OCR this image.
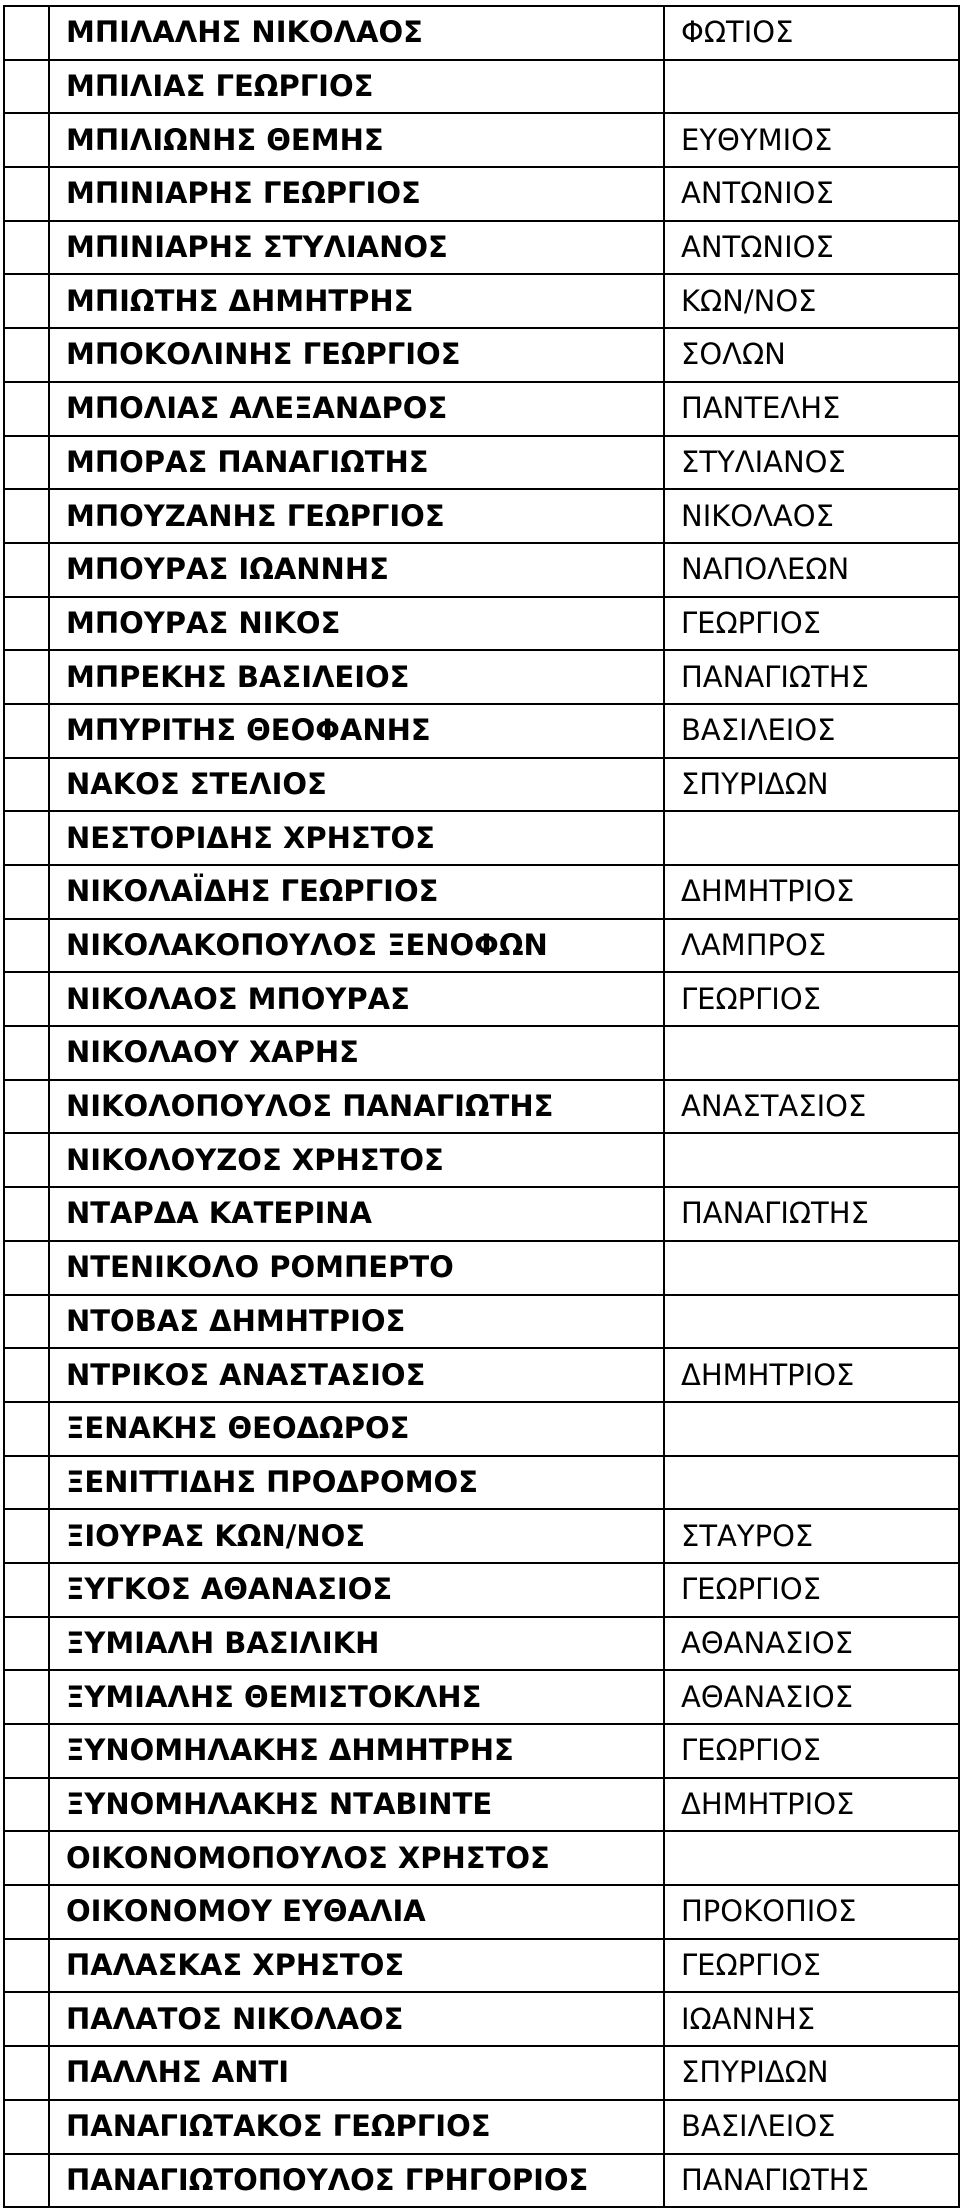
	ΜΠΙΛΑΛΗΣ ΝΙΚΟΛΑΟΣ	ΦΩΤΙΟΣ
	ΜΠΙΛΙΑΣ ΓΕΩΡΓΙΟΣ	
	ΜΠΙΛΙΩΝΗΣ ΘΕΜΗΣ	ΕΥΘΥΜΙΟΣ
	ΜΠΙΝΙΑΡΗΣ ΓΕΩΡΓΙΟΣ	ΑΝΤΩΝΙΟΣ
	ΜΠΙΝΙΑΡΗΣ ΣΤΥΛΙΑΝΟΣ	ΑΝΤΩΝΙΟΣ
	ΜΠΙΩΤΗΣ ΔΗΜΗΤΡΗΣ	ΚΩΝ/ΝΟΣ
	ΜΠΟΚΟΛΙΝΗΣ ΓΕΩΡΓΙΟΣ	ΣΟΛΩΝ
	ΜΠΟΛΙΑΣ ΑΛΕΞΑΝΔΡΟΣ	ΠΑΝΤΕΛΗΣ
	ΜΠΟΡΑΣ ΠΑΝΑΓΙΩΤΗΣ	ΣΤΥΛΙΑΝΟΣ
	ΜΠΟΥΖΑΝΗΣ ΓΕΩΡΓΙΟΣ	ΝΙΚΟΛΑΟΣ
	ΜΠΟΥΡΑΣ ΙΩΑΝΝΗΣ	ΝΑΠΟΛΕΩΝ
	ΜΠΟΥΡΑΣ ΝΙΚΟΣ	ΓΕΩΡΓΙΟΣ
	ΜΠΡΕΚΗΣ ΒΑΣΙΛΕΙΟΣ	ΠΑΝΑΓΙΩΤΗΣ
	ΜΠΥΡΙΤΗΣ ΘΕΟΦΑΝΗΣ	ΒΑΣΙΛΕΙΟΣ
	ΝΑΚΟΣ ΣΤΕΛΙΟΣ	ΣΠΥΡΙΔΩΝ
	ΝΕΣΤΟΡΙΔΗΣ ΧΡΗΣΤΟΣ	
	ΝΙΚΟΛΑΪΔΗΣ ΓΕΩΡΓΙΟΣ	ΔΗΜΗΤΡΙΟΣ
	ΝΙΚΟΛΑΚΟΠΟΥΛΟΣ ΞΕΝΟΦΩΝ	ΛΑΜΠΡΟΣ
	ΝΙΚΟΛΑΟΣ ΜΠΟΥΡΑΣ	ΓΕΩΡΓΙΟΣ
	ΝΙΚΟΛΑΟΥ ΧΑΡΗΣ	
	ΝΙΚΟΛΟΠΟΥΛΟΣ ΠΑΝΑΓΙΩΤΗΣ	ΑΝΑΣΤΑΣΙΟΣ
	ΝΙΚΟΛΟΥΖΟΣ ΧΡΗΣΤΟΣ	
	ΝΤΑΡΔΑ ΚΑΤΕΡΙΝΑ	ΠΑΝΑΓΙΩΤΗΣ
	ΝΤΕΝΙΚΟΛΟ ΡΟΜΠΕΡΤΟ	
	ΝΤΟΒΑΣ ΔΗΜΗΤΡΙΟΣ	
	ΝΤΡΙΚΟΣ ΑΝΑΣΤΑΣΙΟΣ	ΔΗΜΗΤΡΙΟΣ
	ΞΕΝΑΚΗΣ ΘΕΟΔΩΡΟΣ	
	ΞΕΝΙΤΤΙΔΗΣ ΠΡΟΔΡΟΜΟΣ	
	ΞΙΟΥΡΑΣ ΚΩΝ/ΝΟΣ	ΣΤΑΥΡΟΣ
	ΞΥΓΚΟΣ ΑΘΑΝΑΣΙΟΣ	ΓΕΩΡΓΙΟΣ
	ΞΥΜΙΑΛΗ ΒΑΣΙΛΙΚΗ	ΑΘΑΝΑΣΙΟΣ
	ΞΥΜΙΑΛΗΣ ΘΕΜΙΣΤΟΚΛΗΣ	ΑΘΑΝΑΣΙΟΣ
	ΞΥΝΟΜΗΛΑΚΗΣ ΔΗΜΗΤΡΗΣ	ΓΕΩΡΓΙΟΣ
	ΞΥΝΟΜΗΛΑΚΗΣ ΝΤΑΒΙΝΤΕ	ΔΗΜΗΤΡΙΟΣ
	ΟΙΚΟΝΟΜΟΠΟΥΛΟΣ ΧΡΗΣΤΟΣ	
	ΟΙΚΟΝΟΜΟΥ ΕΥΘΑΛΙΑ	ΠΡΟΚΟΠΙΟΣ
	ΠΑΛΑΣΚΑΣ ΧΡΗΣΤΟΣ	ΓΕΩΡΓΙΟΣ
	ΠΑΛΑΤΟΣ ΝΙΚΟΛΑΟΣ	ΙΩΑΝΝΗΣ
	ΠΑΛΛΗΣ ΑΝΤΙ	ΣΠΥΡΙΔΩΝ
	ΠΑΝΑΓΙΩΤΑΚΟΣ ΓΕΩΡΓΙΟΣ	ΒΑΣΙΛΕΙΟΣ
	ΠΑΝΑΓΙΩΤΟΠΟΥΛΟΣ ΓΡΗΓΟΡΙΟΣ	ΠΑΝΑΓΙΩΤΗΣ
